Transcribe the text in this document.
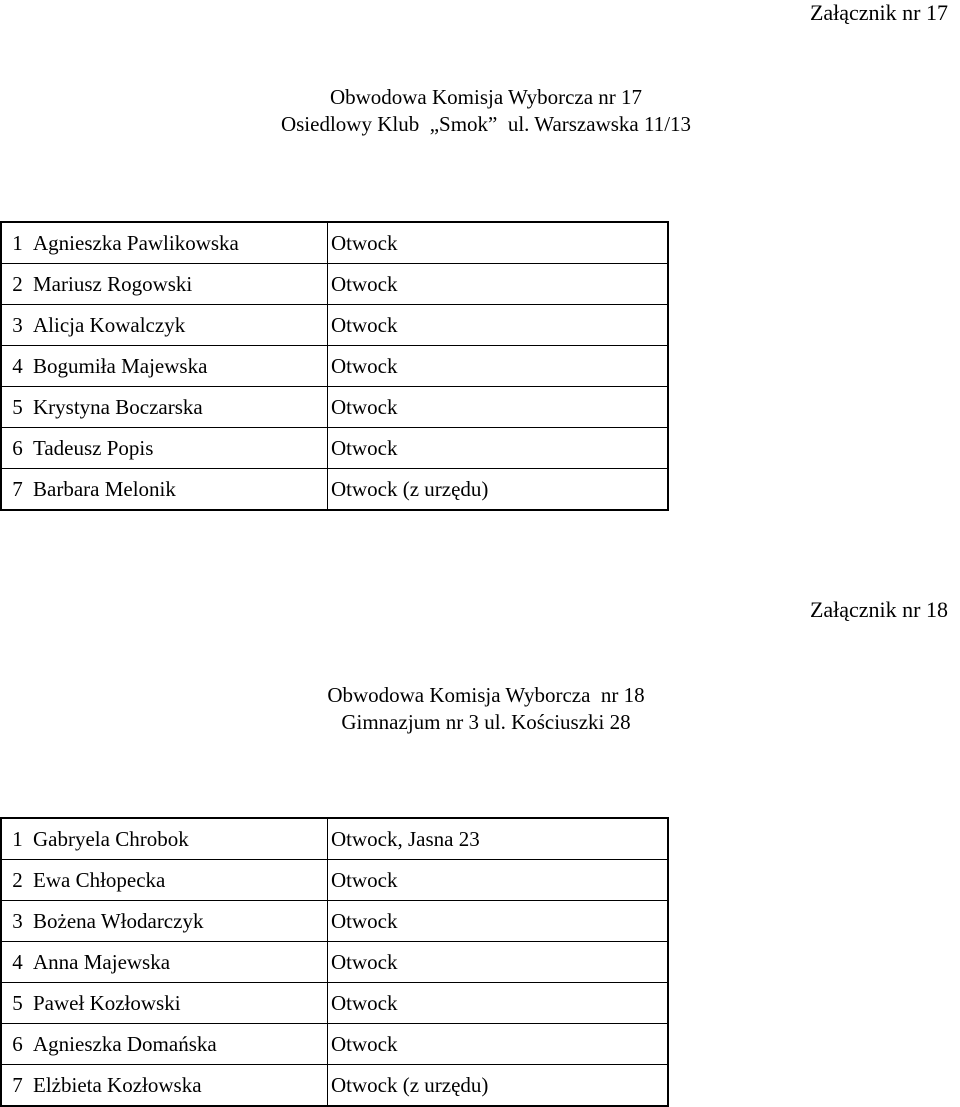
Załącznik nr 17
Obwodowa Komisja Wyborcza nr 17
Osiedlowy Klub  „Smok”  ul. Warszawska 11/13
1	Agnieszka Pawlikowska	Otwock
2	Mariusz Rogowski	Otwock
3	Alicja Kowalczyk	Otwock
4	Bogumiła Majewska	Otwock
5	Krystyna Boczarska	Otwock
6	Tadeusz Popis	Otwock
7	Barbara Melonik	Otwock (z urzędu)
Załącznik nr 18
Obwodowa Komisja Wyborcza  nr 18
Gimnazjum nr 3 ul. Kościuszki 28
1	Gabryela Chrobok	Otwock, Jasna 23
2	Ewa Chłopecka	Otwock
3	Bożena Włodarczyk	Otwock
4	Anna Majewska	Otwock
5	Paweł Kozłowski	Otwock
6	Agnieszka Domańska	Otwock
7	Elżbieta Kozłowska	Otwock (z urzędu)
